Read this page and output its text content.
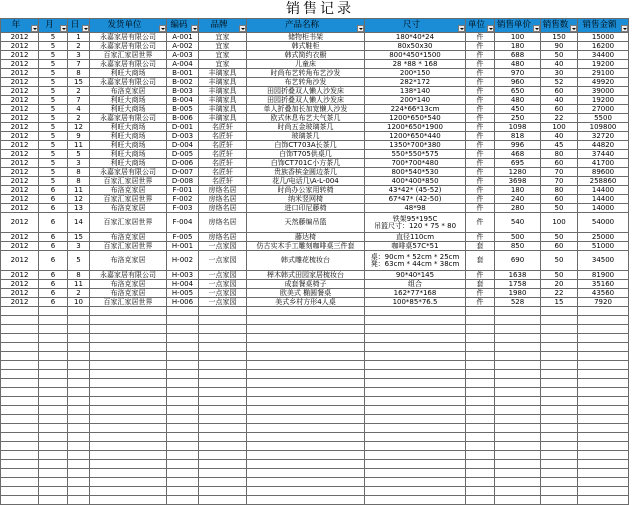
销售记录
年	月	日	发货单位	编码	品牌	产品名称	尺寸	单位	销售单价	销售数	销售金额

2012	5	1	永嘉家居有限公司	A-001	宜家	储物柜书架	180*40*24	件	100	150	15000
2012	5	2	永嘉家居有限公司	A-002	宜家	韩式鞋柜	80x50x30	件	180	90	16200
2012	5	3	百家汇家居世界	A-003	宜家	韩式简约衣橱	800*450*1500	件	688	50	34400
2012	5	7	永嘉家居有限公司	A-004	宜家	儿童床	28 *88 * 168	件	480	40	19200
2012	5	8	利旺大商场	B-001	丰璃家具	时尚布艺转角布艺沙发	200*150	件	970	30	29100
2012	5	15	永嘉家居有限公司	B-002	丰璃家具	布艺转角沙发	282*172	件	960	52	49920
2012	5	2	布洛克家居	B-003	丰璃家具	田园折叠双人懒人沙发床	138*140	件	650	60	39000
2012	5	7	利旺大商场	B-004	丰璃家具	田园折叠双人懒人沙发床	200*140	件	480	40	19200
2012	5	4	利旺大商场	B-005	丰璃家具	单人折叠加长加宽懒人沙发	224*66*13cm	件	450	60	27000
2012	5	2	永嘉家居有限公司	B-006	丰璃家具	欧式休息布艺大气茶几	1200*650*540	件	250	22	5500
2012	5	12	利旺大商场	D-001	名匠轩	时尚五金玻璃茶几	1200*650*1900	件	1098	100	109800
2012	5	9	利旺大商场	D-003	名匠轩	玻璃茶几	1200*650*440	件	818	40	32720
2012	5	11	利旺大商场	D-004	名匠轩	白饰CT703A长茶几	1350*700*380	件	996	45	44820
2012	5	5	利旺大商场	D-005	名匠轩	白饰T705供桌几	550*550*575	件	468	80	37440
2012	5	3	利旺大商场	D-006	名匠轩	白饰CT701C小方茶几	700*700*480	件	695	60	41700
2012	5	8	永嘉家居有限公司	D-007	名匠轩	贵族香槟金圆边茶几	800*540*530	件	1280	70	89600
2012	5	8	百家汇家居世界	D-008	名匠轩	花几/电话几\A-L-004	400*400*850	件	3698	70	258860
2012	6	11	布洛克家居	F-001	房络名居	时尚办公家用转椅	43*42* (45-52)	件	180	80	14400
2012	6	12	百家汇家居世界	F-002	房络名居	纳米竖网椅	67*47* (42-50)	件	240	60	14400
2012	6	13	布洛克家居	F-003	房络名居	进口印尼藤椅	48*98	件	280	50	14000
2012	6	14	百家汇家居世界	F-004	房络名居	天然藤编吊篮	铁架95*195C
吊篮尺寸：120 * 75 * 80	件	540	100	54000
2012	6	15	布洛克家居	F-005	房络名居	藤达椅	直径110cm	件	500	50	25000
2012	6	3	百家汇家居世界	H-001	一点家园	仿古实木手工雕刻咖啡桌三件套	咖啡桌57C*51	套	850	60	51000
2012	6	5	布洛克家居	H-002	一点家园	韩式雕花梳妆台	桌：90cm * 52cm * 25cm
凳：63cm * 44cm * 38cm	套	690	50	34500
2012	6	8	永嘉家居有限公司	H-003	一点家园	榉木韩式田园家居梳妆台	90*40*145	件	1638	50	81900
2012	6	11	布洛克家居	H-004	一点家园	成套餐桌椅子	组合	套	1758	20	35160
2012	6	2	布洛克家居	H-005	一点家园	欧美式 椭圆餐桌	162*77*168	件	1980	22	43560
2012	6	10	百家汇家居世界	H-006	一点家园	美式乡村方形4人桌	100*85*76.5	件	528	15	7920
